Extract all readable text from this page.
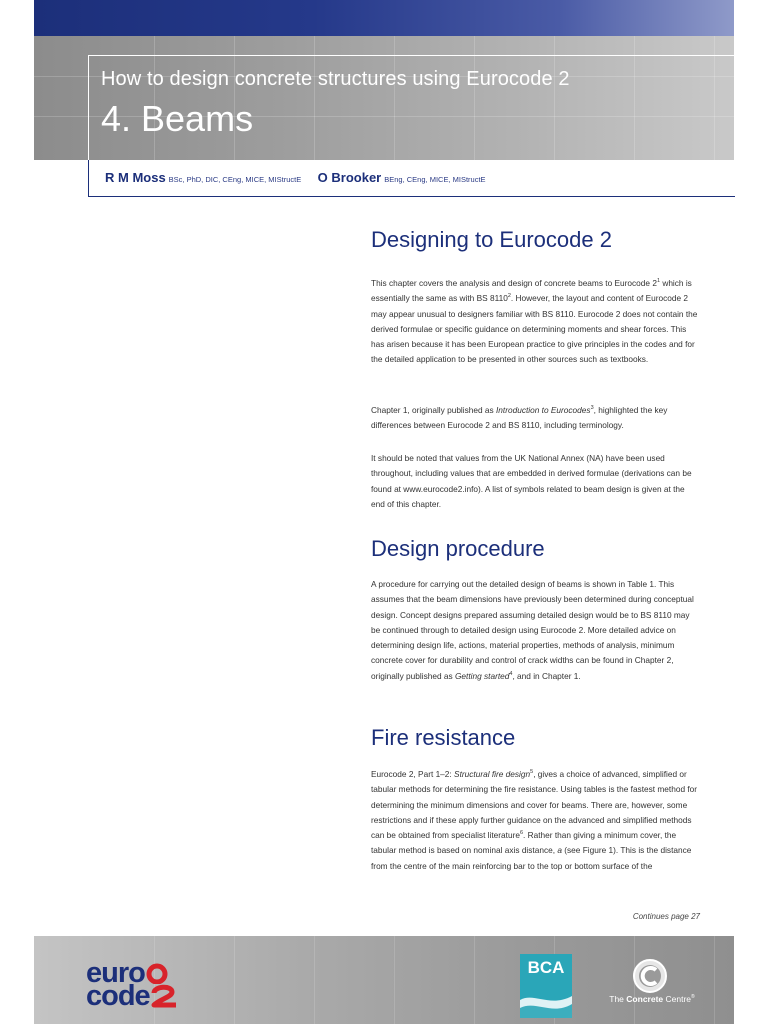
How to design concrete structures using Eurocode 2
4. Beams
R M Moss BSc, PhD, DIC, CEng, MICE, MIStructE O Brooker BEng, CEng, MICE, MIStructE
Designing to Eurocode 2
This chapter covers the analysis and design of concrete beams to Eurocode $2^1$ which is essentially the same as with BS 8110$^2$. However, the layout and content of Eurocode 2 may appear unusual to designers familiar with BS 8110. Eurocode 2 does not contain the derived formulae or specific guidance on determining moments and shear forces. This has arisen because it has been European practice to give principles in the codes and for the detailed application to be presented in other sources such as textbooks.
Chapter 1, originally published as Introduction to Eurocodes$^3$, highlighted the key differences between Eurocode 2 and BS 8110, including terminology.
It should be noted that values from the UK National Annex (NA) have been used throughout, including values that are embedded in derived formulae (derivations can be found at www.eurocode2.info). A list of symbols related to beam design is given at the end of this chapter.
Design procedure
A procedure for carrying out the detailed design of beams is shown in Table 1. This assumes that the beam dimensions have previously been determined during conceptual design. Concept designs prepared assuming detailed design would be to BS 8110 may be continued through to detailed design using Eurocode 2. More detailed advice on determining design life, actions, material properties, methods of analysis, minimum concrete cover for durability and control of crack widths can be found in Chapter 2, originally published as Getting started$^4$, and in Chapter 1.
Fire resistance
Eurocode 2, Part 1–2: Structural fire design$^5$, gives a choice of advanced, simplified or tabular methods for determining the fire resistance. Using tables is the fastest method for determining the minimum dimensions and cover for beams. There are, however, some restrictions and if these apply further guidance on the advanced and simplified methods can be obtained from specialist literature$^6$. Rather than giving a minimum cover, the tabular method is based on nominal axis distance, a (see Figure 1). This is the distance from the centre of the main reinforcing bar to the top or bottom surface of the
Continues page 27
euro
code
BCA
The Concrete Centre®
